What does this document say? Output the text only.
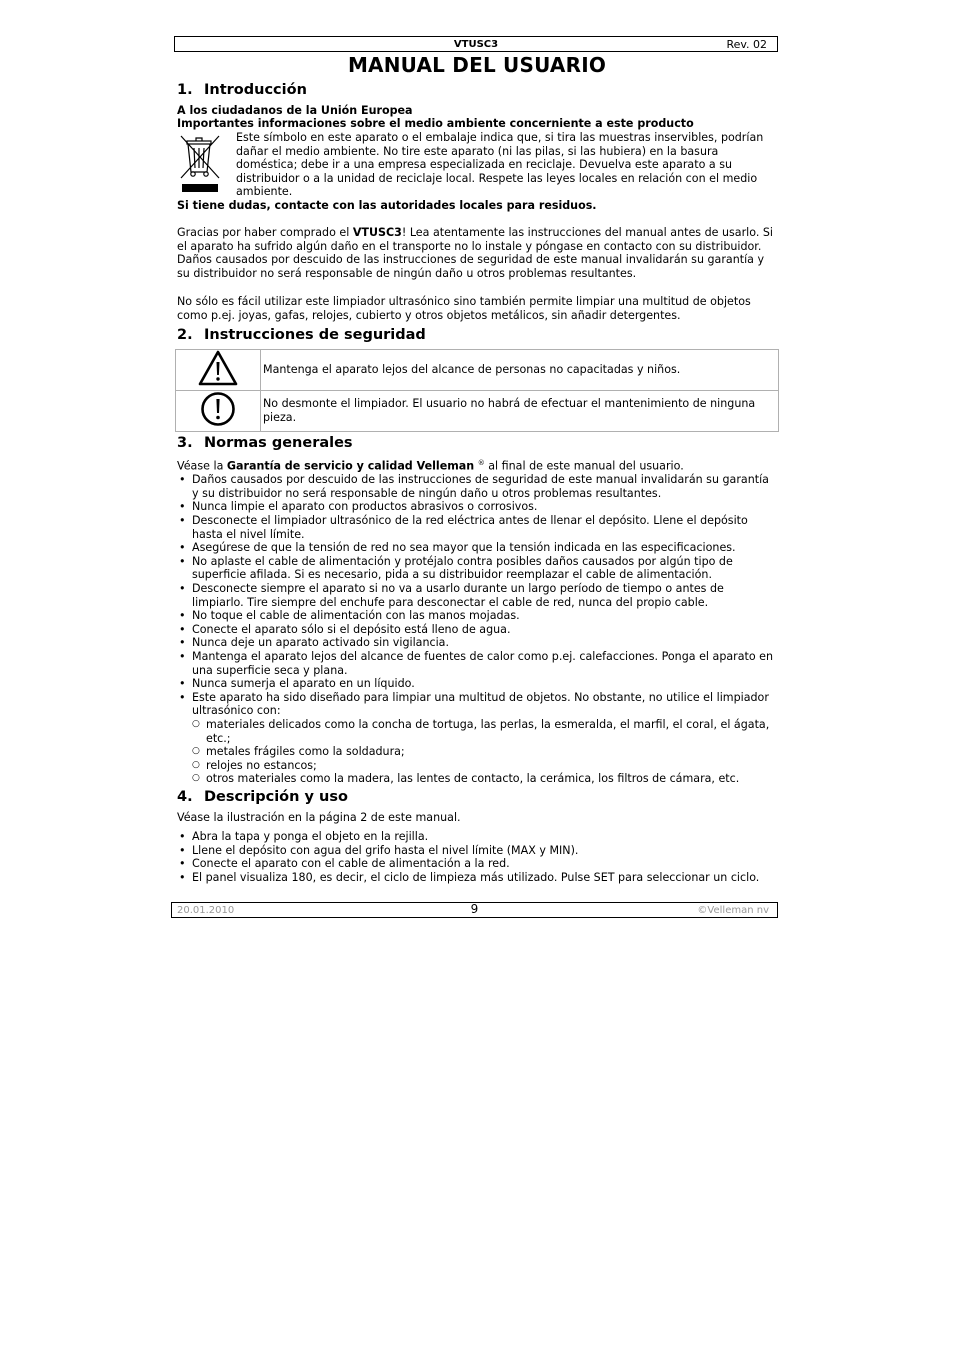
VTUSC3	Rev. 02
MANUAL DEL USUARIO
1. Introducción
A los ciudadanos de la Unión Europea
Importantes informaciones sobre el medio ambiente concerniente a este producto
Este símbolo en este aparato o el embalaje indica que, si tira las muestras inservibles, podrían dañar el medio ambiente. No tire este aparato (ni las pilas, si las hubiera) en la basura doméstica; debe ir a una empresa especializada en reciclaje. Devuelva este aparato a su distribuidor o a la unidad de reciclaje local. Respete las leyes locales en relación con el medio ambiente.
Si tiene dudas, contacte con las autoridades locales para residuos.
Gracias por haber comprado el VTUSC3! Lea atentamente las instrucciones del manual antes de usarlo. Si el aparato ha sufrido algún daño en el transporte no lo instale y póngase en contacto con su distribuidor. Daños causados por descuido de las instrucciones de seguridad de este manual invalidarán su garantía y su distribuidor no será responsable de ningún daño u otros problemas resultantes.
No sólo es fácil utilizar este limpiador ultrasónico sino también permite limpiar una multitud de objetos como p.ej. joyas, gafas, relojes, cubierto y otros objetos metálicos, sin añadir detergentes.
2. Instrucciones de seguridad
	Mantenga el aparato lejos del alcance de personas no capacitadas y niños.
	No desmonte el limpiador. El usuario no habrá de efectuar el mantenimiento de ninguna pieza.
3. Normas generales

Véase la Garantía de servicio y calidad Velleman ® al final de este manual del usuario.

• Daños causados por descuido de las instrucciones de seguridad de este manual invalidarán su garantía y su distribuidor no será responsable de ningún daño u otros problemas resultantes.
• Nunca limpie el aparato con productos abrasivos o corrosivos.
• Desconecte el limpiador ultrasónico de la red eléctrica antes de llenar el depósito. Llene el depósito hasta el nivel límite.
• Asegúrese de que la tensión de red no sea mayor que la tensión indicada en las especificaciones.
• No aplaste el cable de alimentación y protéjalo contra posibles daños causados por algún tipo de superficie afilada. Si es necesario, pida a su distribuidor reemplazar el cable de alimentación.
• Desconecte siempre el aparato si no va a usarlo durante un largo período de tiempo o antes de limpiarlo. Tire siempre del enchufe para desconectar el cable de red, nunca del propio cable.
• No toque el cable de alimentación con las manos mojadas.
• Conecte el aparato sólo si el depósito está lleno de agua.
• Nunca deje un aparato activado sin vigilancia.
• Mantenga el aparato lejos del alcance de fuentes de calor como p.ej. calefacciones. Ponga el aparato en una superficie seca y plana.
• Nunca sumerja el aparato en un líquido.
• Este aparato ha sido diseñado para limpiar una multitud de objetos. No obstante, no utilice el limpiador ultrasónico con:
○ materiales delicados como la concha de tortuga, las perlas, la esmeralda, el marfil, el coral, el ágata, etc.;
○ metales frágiles como la soldadura;
○ relojes no estancos;
○ otros materiales como la madera, las lentes de contacto, la cerámica, los filtros de cámara, etc.
4. Descripción y uso
Véase la ilustración en la página 2 de este manual.
• Abra la tapa y ponga el objeto en la rejilla.
• Llene el depósito con agua del grifo hasta el nivel límite (MAX y MIN).
• Conecte el aparato con el cable de alimentación a la red.
• El panel visualiza 180, es decir, el ciclo de limpieza más utilizado. Pulse SET para seleccionar un ciclo.
20.01.2010	9	©Velleman nv
